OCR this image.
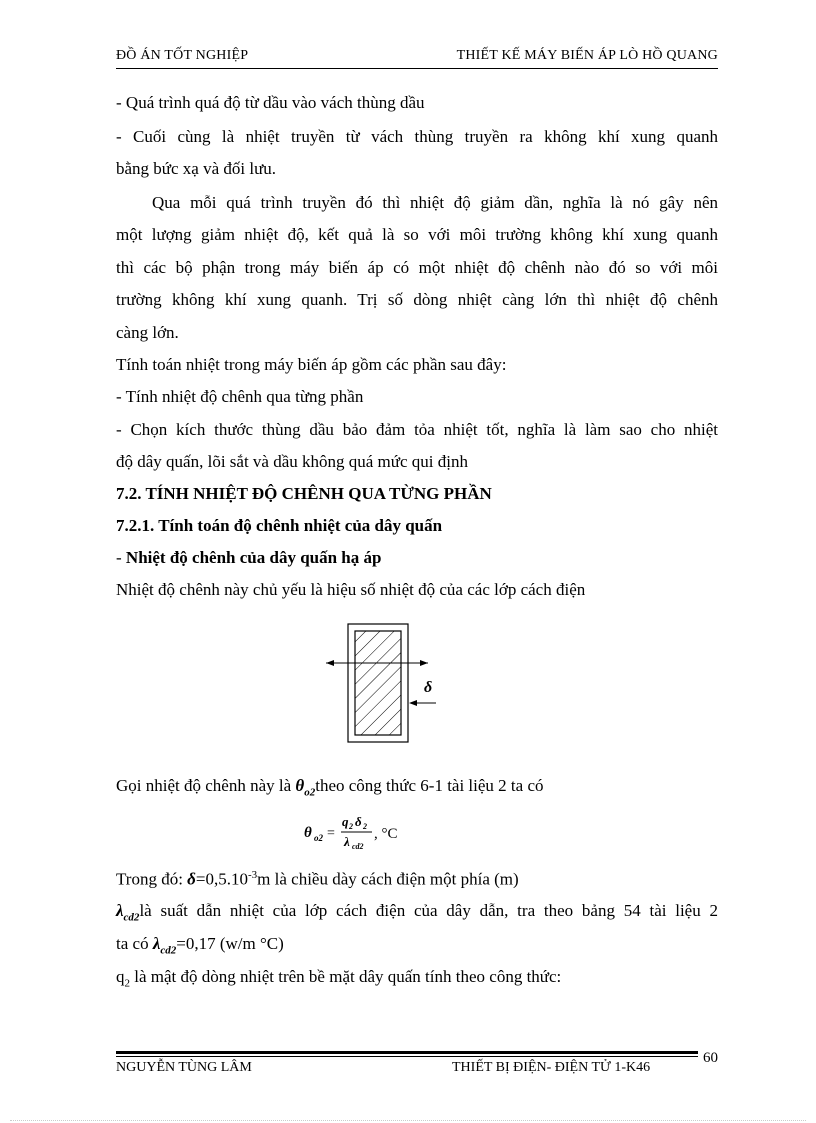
ĐỒ ÁN TỐT NGHIỆP	THIẾT KẾ MÁY BIẾN ÁP LÒ HỒ QUANG
- Quá trình quá độ từ dầu vào vách thùng dầu
- Cuối cùng là nhiệt truyền từ vách thùng truyền ra không khí xung quanh
bằng bức xạ và đối lưu.
Qua mỗi quá trình truyền đó thì nhiệt độ giảm dần, nghĩa là nó gây nên
một lượng giảm nhiệt độ, kết quả là so với môi trường không khí xung quanh
thì các bộ phận trong máy biến áp có một nhiệt độ chênh nào đó so với môi
trường không khí xung quanh. Trị số dòng nhiệt càng lớn thì nhiệt độ chênh
càng lớn.
Tính toán nhiệt trong máy biến áp gồm các phần sau đây:
- Tính nhiệt độ chênh qua từng phần
- Chọn kích thước thùng dầu bảo đảm tỏa nhiệt tốt, nghĩa là làm sao cho nhiệt
độ dây quấn, lõi sắt và dầu không quá mức qui định
7.2. TÍNH NHIỆT ĐỘ CHÊNH QUA TỪNG PHẦN
7.2.1. Tính toán độ chênh nhiệt của dây quấn
- Nhiệt độ chênh của dây quấn hạ áp
Nhiệt độ chênh này chủ yếu là hiệu số nhiệt độ của các lớp cách điện
Gọi nhiệt độ chênh này là $\theta_{o2}theo$ công thức 6-1 tài liệu 2 ta có
Trong đó: $\delta=0,5.10^{-3}m$ là chiều dày cách điện một phía (m)
$\lambda_{cd2}là$ suất dẫn nhiệt của lớp cách điện của dây dẫn, tra theo bảng 54 tài liệu 2
ta có $\lambda_{cd2}=0,17$ (w/m °C)
$q_2$ là mật độ dòng nhiệt trên bề mặt dây quấn tính theo công thức:
δ
θ o2 =
q 2 δ 2
λ cd2
, °C
NGUYỄN TÙNG LÂM	THIẾT BỊ ĐIỆN- ĐIỆN TỬ 1-K46
60
